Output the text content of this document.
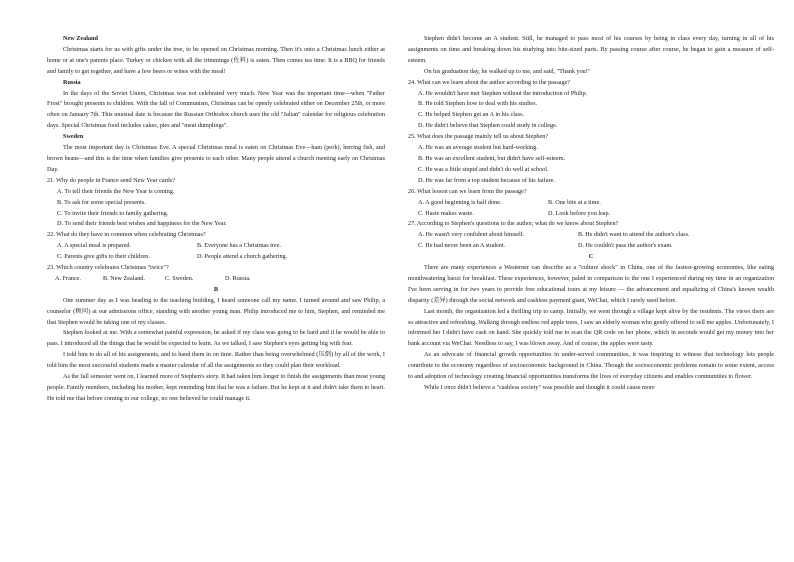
New Zealand

Christmas starts for us with gifts under the tree, to be opened on Christmas morning. Then it's onto a Christmas lunch either at home or at one's parents place. Turkey or chicken with all the trimmings (佐料) is eaten. Then comes tea time. It is a BBQ for friends and family to get together, and have a few beers or wines with the meal!

Russia

In the days of the Soviet Union, Christmas was not celebrated very much. New Year was the important time—when "Father Frost" brought presents to children. With the fall of Communism, Christmas can be openly celebrated either on December 25th, or more often on January 7th. This unusual date is because the Russian Orthodox church uses the old "Julian" calendar for religious celebration days. Special Christmas food includes cakes, pies and "meat dumplings".

Sweden

The most important day is Christmas Eve. A special Christmas meal is eaten on Christmas Eve—ham (pork), herring fish, and brown beans—and this is the time when families give presents to each other. Many people attend a church meeting early on Christmas Day.

21. Why do people in France send New Year cards?

A. To tell their friends the New Year is coming.

B. To ask for some special presents.

C. To invite their friends to family gathering.

D. To send their friends best wishes and happiness for the New Year.

22. What do they have in common when celebrating Christmas?

A. A special meal is prepared.	B. Everyone has a Christmas tree.
C. Parents give gifts to their children.	D. People attend a church gathering.

23. Which country celebrates Christmas "twice"?

A. France.	B. New Zealand.	C. Sweden.	D. Russia.

B

One summer day as I was heading to the teaching building, I heard someone call my name. I turned around and saw Philip, a counselor (顾问) at our admissions office, standing with another young man. Philip introduced me to him, Stephen, and reminded me that Stephen would be taking one of my classes.

Stephen looked at me. With a somewhat painful expression, he asked if my class was going to be hard and if he would be able to pass. I introduced all the things that he would be expected to learn. As we talked, I saw Stephen's eyes getting big with fear.

I told him to do all of his assignments, and to hand them in on time. Rather than being overwhelmed (压倒) by all of the work, I told him the most successful students made a master calendar of all the assignments so they could plan their workload.

As the fall semester went on, I learned more of Stephen's story. It had taken him longer to finish the assignments than most young people. Family members, including his mother, kept reminding him that he was a failure. But he kept at it and didn't take them to heart. He told me that before coming to our college, no one believed he could manage it.

Stephen didn't become an A student. Still, he managed to pass most of his courses by being in class every day, turning in all of his assignments on time and breaking down his studying into bite-sized parts. By passing course after course, he began to gain a measure of self-esteem.

On his graduation day, he walked up to me, and said, "Thank you!"

24. What can we learn about the author according to the passage?

A. He wouldn't have met Stephen without the introduction of Philip.

B. He told Stephen how to deal with his studies.

C. He helped Stephen get an A in his class.

D. He didn't believe that Stephen could study in college.

25. What does the passage mainly tell us about Stephen?

A. He was an average student but hard-working.

B. He was an excellent student, but didn't have self-esteem.

C. He was a little stupid and didn't do well at school.

D. He was far from a top student because of his failure.

26. What lesson can we learn from the passage?

A. A good beginning is half done.	B. One bite at a time.
C. Haste makes waste.	D. Look before you leap.

27. According to Stephen's questions to the author, what do we know about Stephen?

A. He wasn't very confident about himself.	B. He didn't want to attend the author's class.
C. He had never been an A student.	D. He couldn't pass the author's exam.

C

There are many experiences a Westerner can describe as a "culture shock" in China, one of the fastest-growing economies, like eating mouthwatering baozi for breakfast. These experiences, however, paled in comparison to the one I experienced during my time in an organization I've been serving in for two years to provide free educational tours at my leisure — the advancement and equalizing of China's known wealth disparity (差异) through the social network and cashless payment giant, WeChat, which I rarely used before.

Last month, the organization led a thrilling trip to camp. Initially, we went through a village kept alive by the residents. The views there are so attractive and refreshing. Walking through endless red apple trees, I saw an elderly woman who gently offered to sell me apples. Unfortunately, I informed her I didn't have cash on hand. She quickly told me to scan the QR code on her phone, which in seconds would get my money into her bank account via WeChat. Needless to say, I was blown away. And of course, the apples were tasty.

As an advocate of financial growth opportunities in under-served communities, it was inspiring to witness that technology lets people contribute to the economy regardless of socioeconomic background in China. Though the socioeconomic problems remain to some extent, access to and adoption of technology creating financial opportunities transforms the lives of everyday citizens and enables communities to flower.

While I once didn't believe a "cashless society" was possible and thought it could cause more
